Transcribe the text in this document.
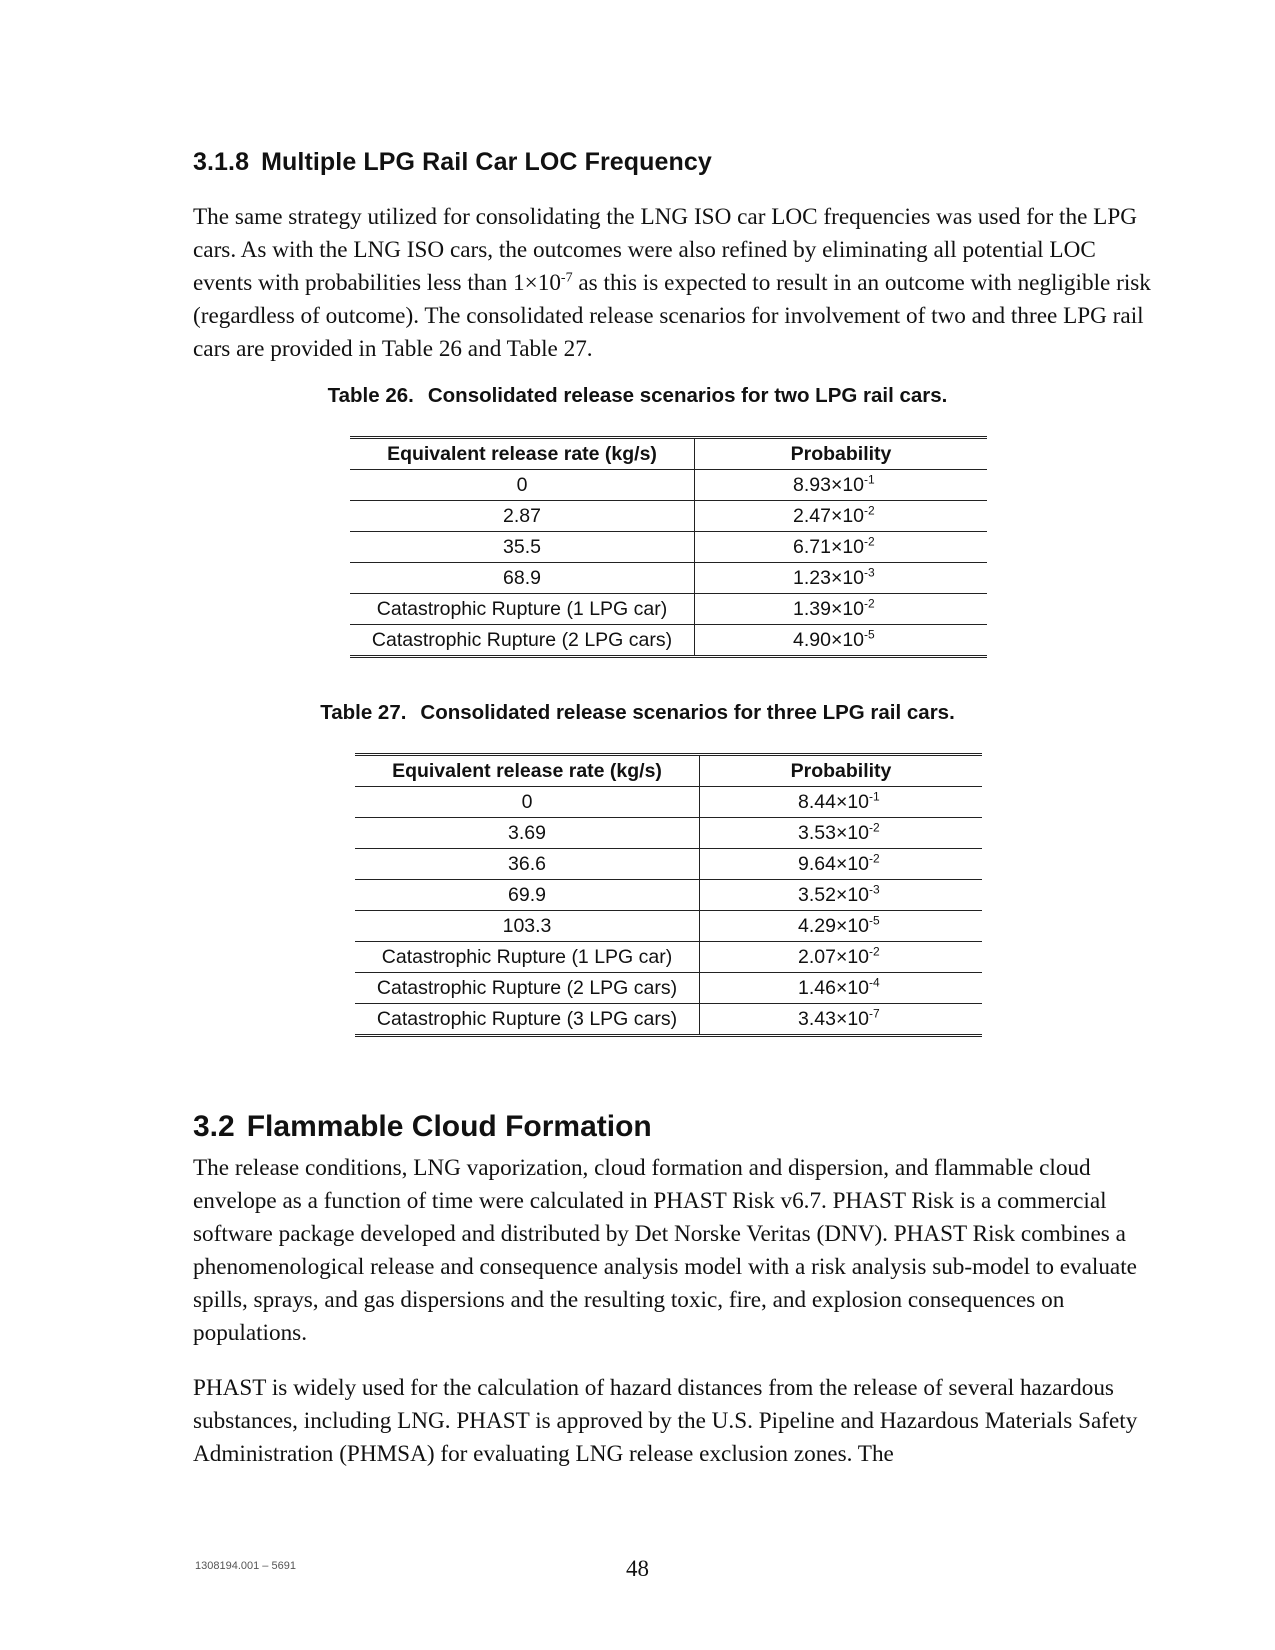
3.1.8 Multiple LPG Rail Car LOC Frequency

The same strategy utilized for consolidating the LNG ISO car LOC frequencies was used for the LPG cars. As with the LNG ISO cars, the outcomes were also refined by eliminating all potential LOC events with probabilities less than $1\times 10^{-7}$ as this is expected to result in an outcome with negligible risk (regardless of outcome). The consolidated release scenarios for involvement of two and three LPG rail cars are provided in Table 26 and Table 27.

Table 26. Consolidated release scenarios for two LPG rail cars.

Equivalent release rate (kg/s)	Probability
0	$8.93\times 10^{-1}$
2.87	$2.47\times 10^{-2}$
35.5	$6.71\times 10^{-2}$
68.9	$1.23\times 10^{-3}$
Catastrophic Rupture (1 LPG car)	$1.39\times 10^{-2}$
Catastrophic Rupture (2 LPG cars)	$4.90\times 10^{-5}$

Table 27. Consolidated release scenarios for three LPG rail cars.

Equivalent release rate (kg/s)	Probability
0	$8.44\times 10^{-1}$
3.69	$3.53\times 10^{-2}$
36.6	$9.64\times 10^{-2}$
69.9	$3.52\times 10^{-3}$
103.3	$4.29\times 10^{-5}$
Catastrophic Rupture (1 LPG car)	$2.07\times 10^{-2}$
Catastrophic Rupture (2 LPG cars)	$1.46\times 10^{-4}$
Catastrophic Rupture (3 LPG cars)	$3.43\times 10^{-7}$
3.2 Flammable Cloud Formation

The release conditions, LNG vaporization, cloud formation and dispersion, and flammable cloud envelope as a function of time were calculated in PHAST Risk v6.7. PHAST Risk is a commercial software package developed and distributed by Det Norske Veritas (DNV). PHAST Risk combines a phenomenological release and consequence analysis model with a risk analysis sub-model to evaluate spills, sprays, and gas dispersions and the resulting toxic, fire, and explosion consequences on populations.

PHAST is widely used for the calculation of hazard distances from the release of several hazardous substances, including LNG. PHAST is approved by the U.S. Pipeline and Hazardous Materials Safety Administration (PHMSA) for evaluating LNG release exclusion zones. The

1308194.001 – 5691	48
